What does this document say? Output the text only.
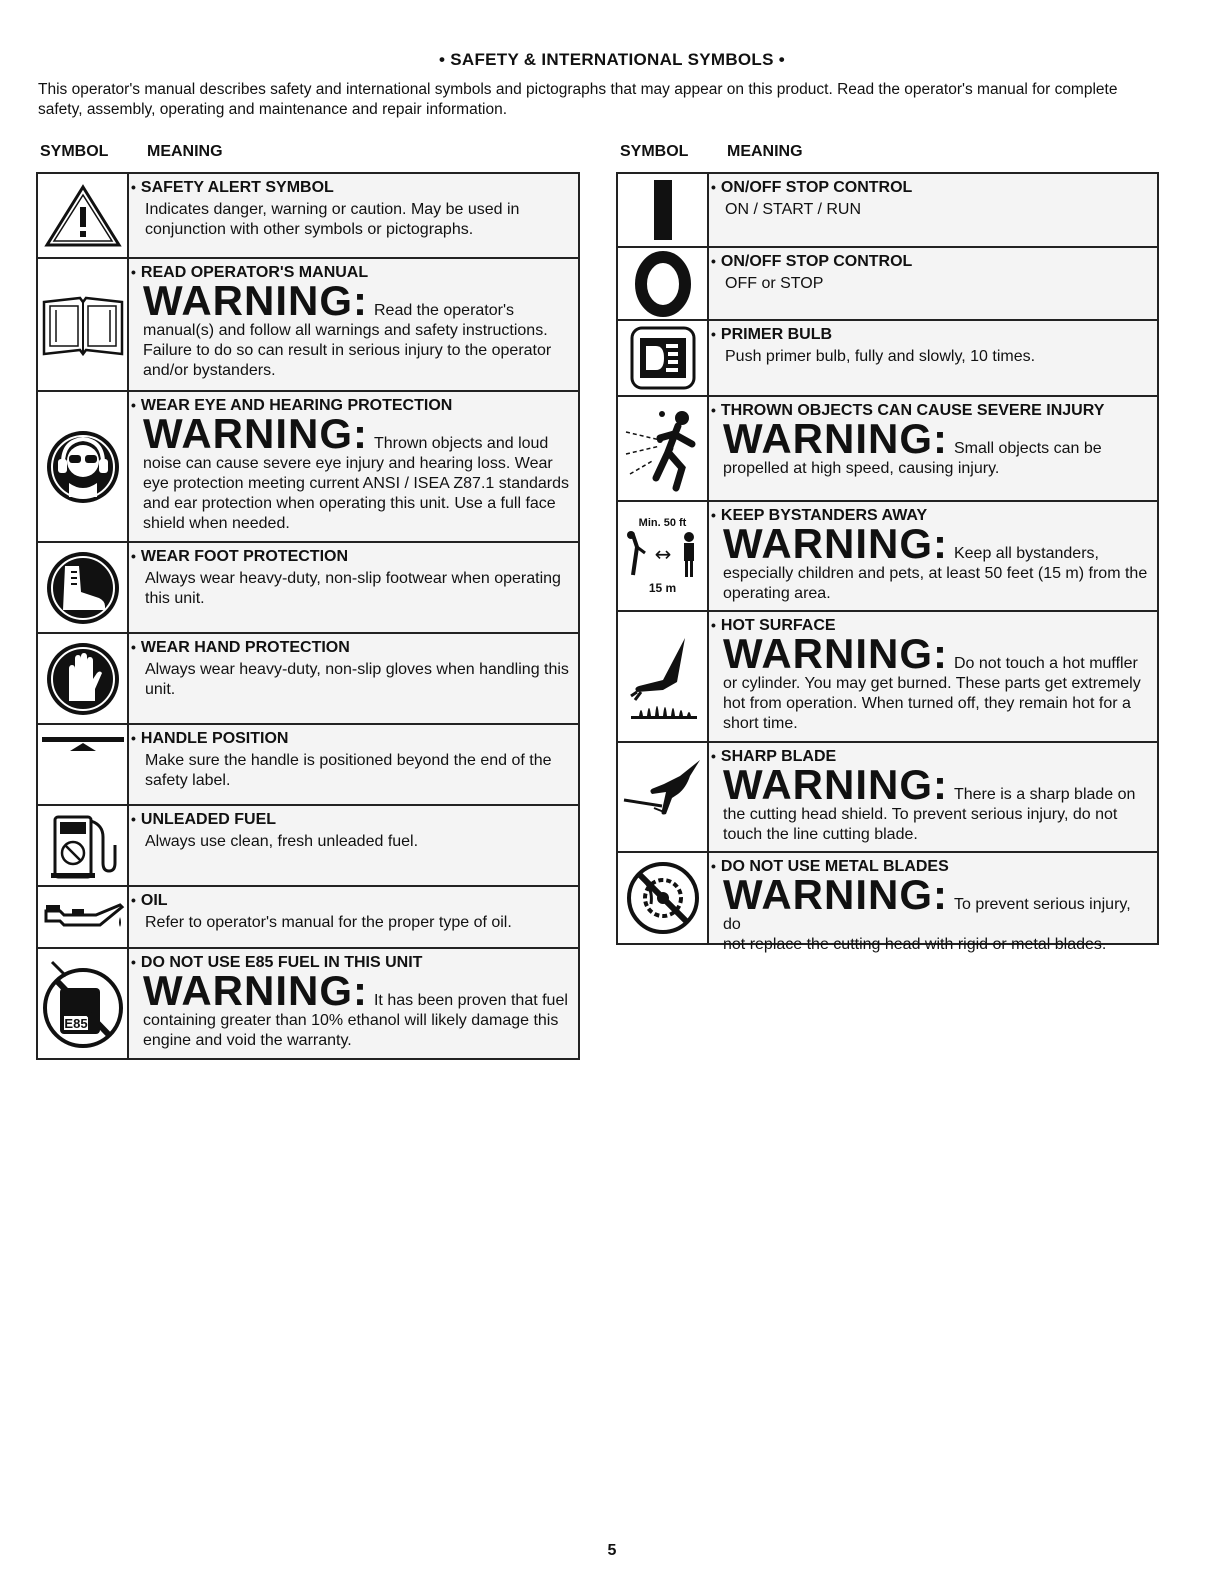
• SAFETY & INTERNATIONAL SYMBOLS •
This operator's manual describes safety and international symbols and pictographs that may appear on this product. Read the operator's manual for complete safety, assembly, operating and maintenance and repair information.
SYMBOL MEANING	SYMBOL MEANING
• SAFETY ALERT SYMBOL
Indicates danger, warning or caution. May be used in conjunction with other symbols or pictographs.
• READ OPERATOR'S MANUAL
WARNING: Read the operator's
manual(s) and follow all warnings and safety instructions. Failure to do so can result in serious injury to the operator and/or bystanders.
• WEAR EYE AND HEARING PROTECTION
WARNING: Thrown objects and loud
noise can cause severe eye injury and hearing loss. Wear eye protection meeting current ANSI / ISEA Z87.1 standards and ear protection when operating this unit. Use a full face shield when needed.
• WEAR FOOT PROTECTION
Always wear heavy-duty, non-slip footwear when operating this unit.
• WEAR HAND PROTECTION
Always wear heavy-duty, non-slip gloves when handling this unit.
• HANDLE POSITION
Make sure the handle is positioned beyond the end of the safety label.
• UNLEADED FUEL
Always use clean, fresh unleaded fuel.
• OIL
Refer to operator's manual for the proper type of oil.
E85
• DO NOT USE E85 FUEL IN THIS UNIT
WARNING: It has been proven that fuel
containing greater than 10% ethanol will likely damage this engine and void the warranty.
• ON/OFF STOP CONTROL
ON / START / RUN
• ON/OFF STOP CONTROL
OFF or STOP
• PRIMER BULB
Push primer bulb, fully and slowly, 10 times.
• THROWN OBJECTS CAN CAUSE SEVERE INJURY
WARNING: Small objects can be
propelled at high speed, causing injury.
Min. 50 ft
↔
15 m
• KEEP BYSTANDERS AWAY
WARNING: Keep all bystanders,
especially children and pets, at least 50 feet (15 m) from the operating area.
• HOT SURFACE
WARNING: Do not touch a hot muffler
or cylinder. You may get burned. These parts get extremely hot from operation. When turned off, they remain hot for a short time.
• SHARP BLADE
WARNING: There is a sharp blade on
the cutting head shield. To prevent serious injury, do not touch the line cutting blade.
• DO NOT USE METAL BLADES
WARNING: To prevent serious injury, do
not replace the cutting head with rigid or metal blades.
5
